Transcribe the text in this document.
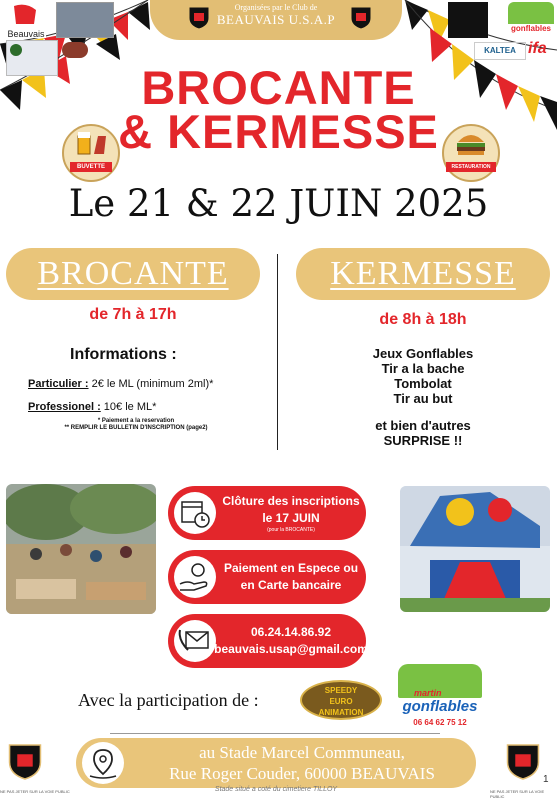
Organisées par le Club de
BEAUVAIS U.S.A.P
Beauvais
gonflables
KALTEA ifa
BROCANTE
& KERMESSE
BUVETTE	RESTAURATION
Le 21 & 22 JUIN 2025
BROCANTE
de 7h à 17h
Informations :
Particulier : 2€ le ML (minimum 2ml)*
Professionel : 10€ le ML*
* Paiement a la reservation
** REMPLIR LE BULLETIN D'INSCRIPTION (page2)
KERMESSE
de 8h à 18h
Jeux Gonflables
Tir a la bache
Tombolat
Tir au but
et bien d'autres
SURPRISE !!
Clôture des inscriptions
le 17 JUIN
(pour la BROCANTE)
Paiement en Espece ou
en Carte bancaire
06.24.14.86.92
beauvais.usap@gmail.com
Avec la participation de :	SPEEDY
EURO
ANIMATION
martin
gonflables
06 64 62 75 12
au Stade Marcel Communeau,
Rue Roger Couder, 60000 BEAUVAIS
Stade situé a coté du cimetiere TILLOY
NE PAS JETER SUR LA VOIE PUBLIC	NE PAS JETER SUR LA VOIE PUBLIC
1
